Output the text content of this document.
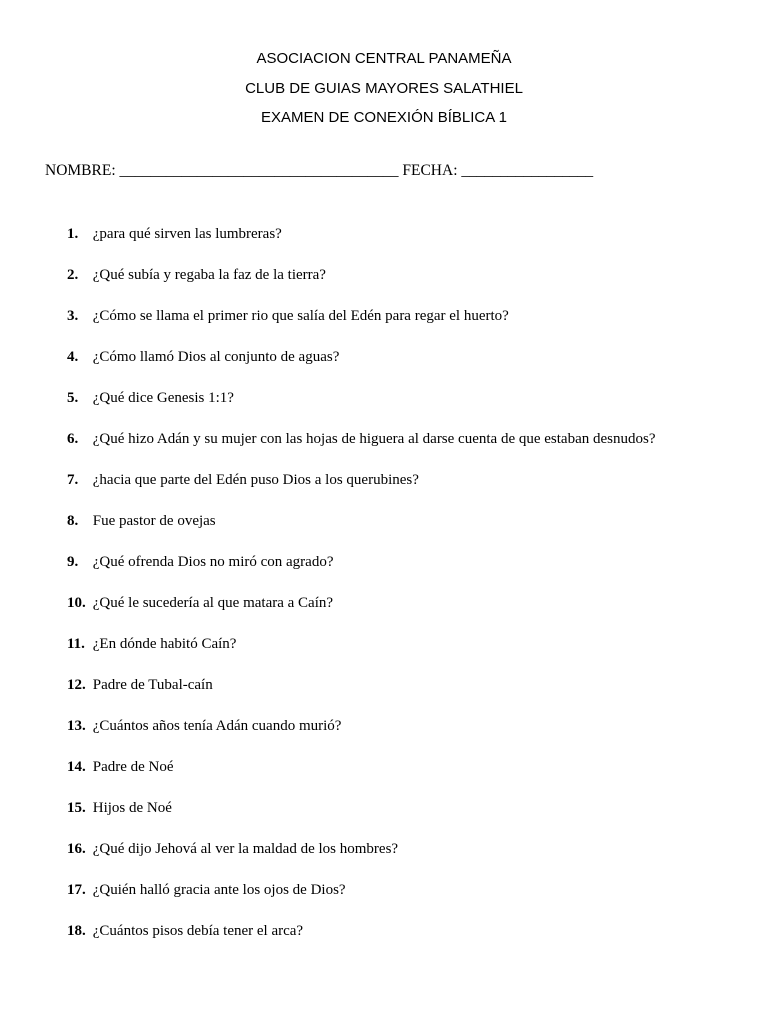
ASOCIACION CENTRAL PANAMEÑA
CLUB DE GUIAS MAYORES SALATHIEL
EXAMEN DE CONEXIÓN BÍBLICA 1
NOMBRE: ____________________________________ FECHA: _________________
1. ¿para qué sirven las lumbreras?
2. ¿Qué subía y regaba la faz de la tierra?
3. ¿Cómo se llama el primer rio que salía del Edén para regar el huerto?
4. ¿Cómo llamó Dios al conjunto de aguas?
5. ¿Qué dice Genesis 1:1?
6. ¿Qué hizo Adán y su mujer con las hojas de higuera al darse cuenta de que estaban desnudos?
7. ¿hacia que parte del Edén puso Dios a los querubines?
8. Fue pastor de ovejas
9. ¿Qué ofrenda Dios no miró con agrado?
10. ¿Qué le sucedería al que matara a Caín?
11. ¿En dónde habitó Caín?
12. Padre de Tubal-caín
13. ¿Cuántos años tenía Adán cuando murió?
14. Padre de Noé
15. Hijos de Noé
16. ¿Qué dijo Jehová al ver la maldad de los hombres?
17. ¿Quién halló gracia ante los ojos de Dios?
18. ¿Cuántos pisos debía tener el arca?
